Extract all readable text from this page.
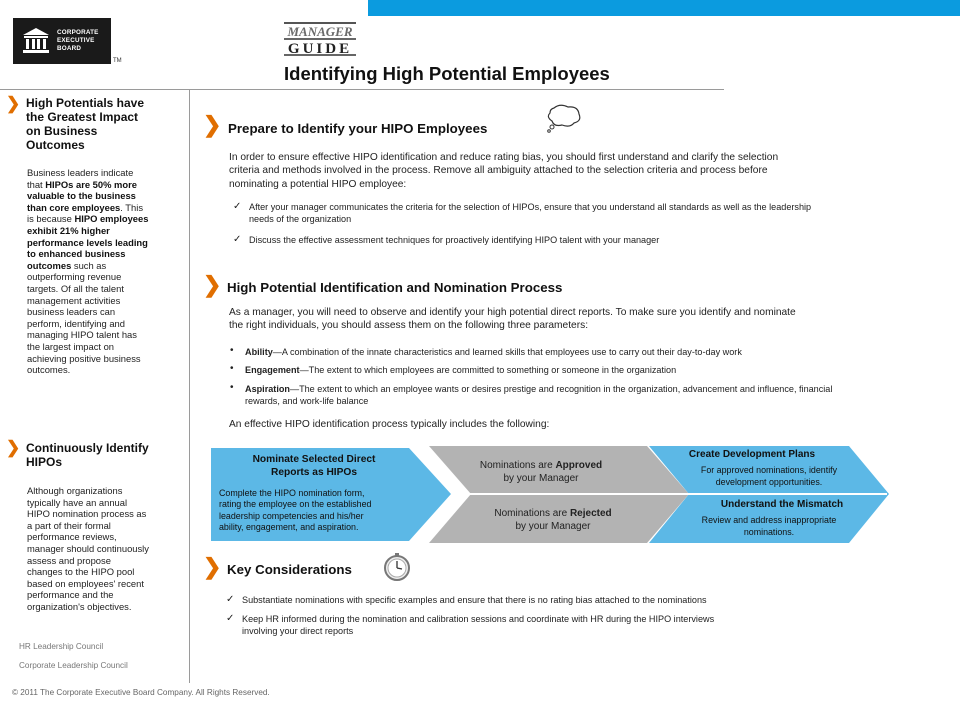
CORPORATE
EXECUTIVE
BOARD
TM
MANAGER
GUIDE
Identifying High Potential Employees
❯ High Potentials have
the Greatest Impact
on Business
Outcomes
Business leaders indicate
that HIPOs are 50% more
valuable to the business
than core employees. This
is because HIPO employees
exhibit 21% higher
performance levels leading
to enhanced business
outcomes such as
outperforming revenue
targets. Of all the talent
management activities
business leaders can
perform, identifying and
managing HIPO talent has
the largest impact on
achieving positive business
outcomes.
❯ Continuously Identify
HIPOs
Although organizations
typically have an annual
HIPO nomination process as
a part of their formal
performance reviews,
manager should continuously
assess and propose
changes to the HIPO pool
based on employees' recent
performance and the
organization's objectives.
HR Leadership Council
Corporate Leadership Council
© 2011 The Corporate Executive Board Company. All Rights Reserved.
❯ Prepare to Identify your HIPO Employees
In order to ensure effective HIPO identification and reduce rating bias, you should first understand and clarify the selection
criteria and methods involved in the process. Remove all ambiguity attached to the selection criteria and process before
nominating a potential HIPO employee:
✓ After your manager communicates the criteria for the selection of HIPOs, ensure that you understand all standards as well as the leadership
needs of the organization
✓ Discuss the effective assessment techniques for proactively identifying HIPO talent with your manager
❯ High Potential Identification and Nomination Process
As a manager, you will need to observe and identify your high potential direct reports. To make sure you identify and nominate
the right individuals, you should assess them on the following three parameters:
• Ability—A combination of the innate characteristics and learned skills that employees use to carry out their day-to-day work
• Engagement—The extent to which employees are committed to something or someone in the organization
• Aspiration—The extent to which an employee wants or desires prestige and recognition in the organization, advancement and influence, financial
rewards, and work-life balance
An effective HIPO identification process typically includes the following:
Nominate Selected Direct
Reports as HIPOs
Complete the HIPO nomination form,
rating the employee on the established
leadership competencies and his/her
ability, engagement, and aspiration.
Nominations are Approved
by your Manager
Nominations are Rejected
by your Manager
Create Development Plans
For approved nominations, identify
development opportunities.
Understand the Mismatch
Review and address inappropriate
nominations.
❯ Key Considerations
✓ Substantiate nominations with specific examples and ensure that there is no rating bias attached to the nominations
✓ Keep HR informed during the nomination and calibration sessions and coordinate with HR during the HIPO interviews
involving your direct reports
